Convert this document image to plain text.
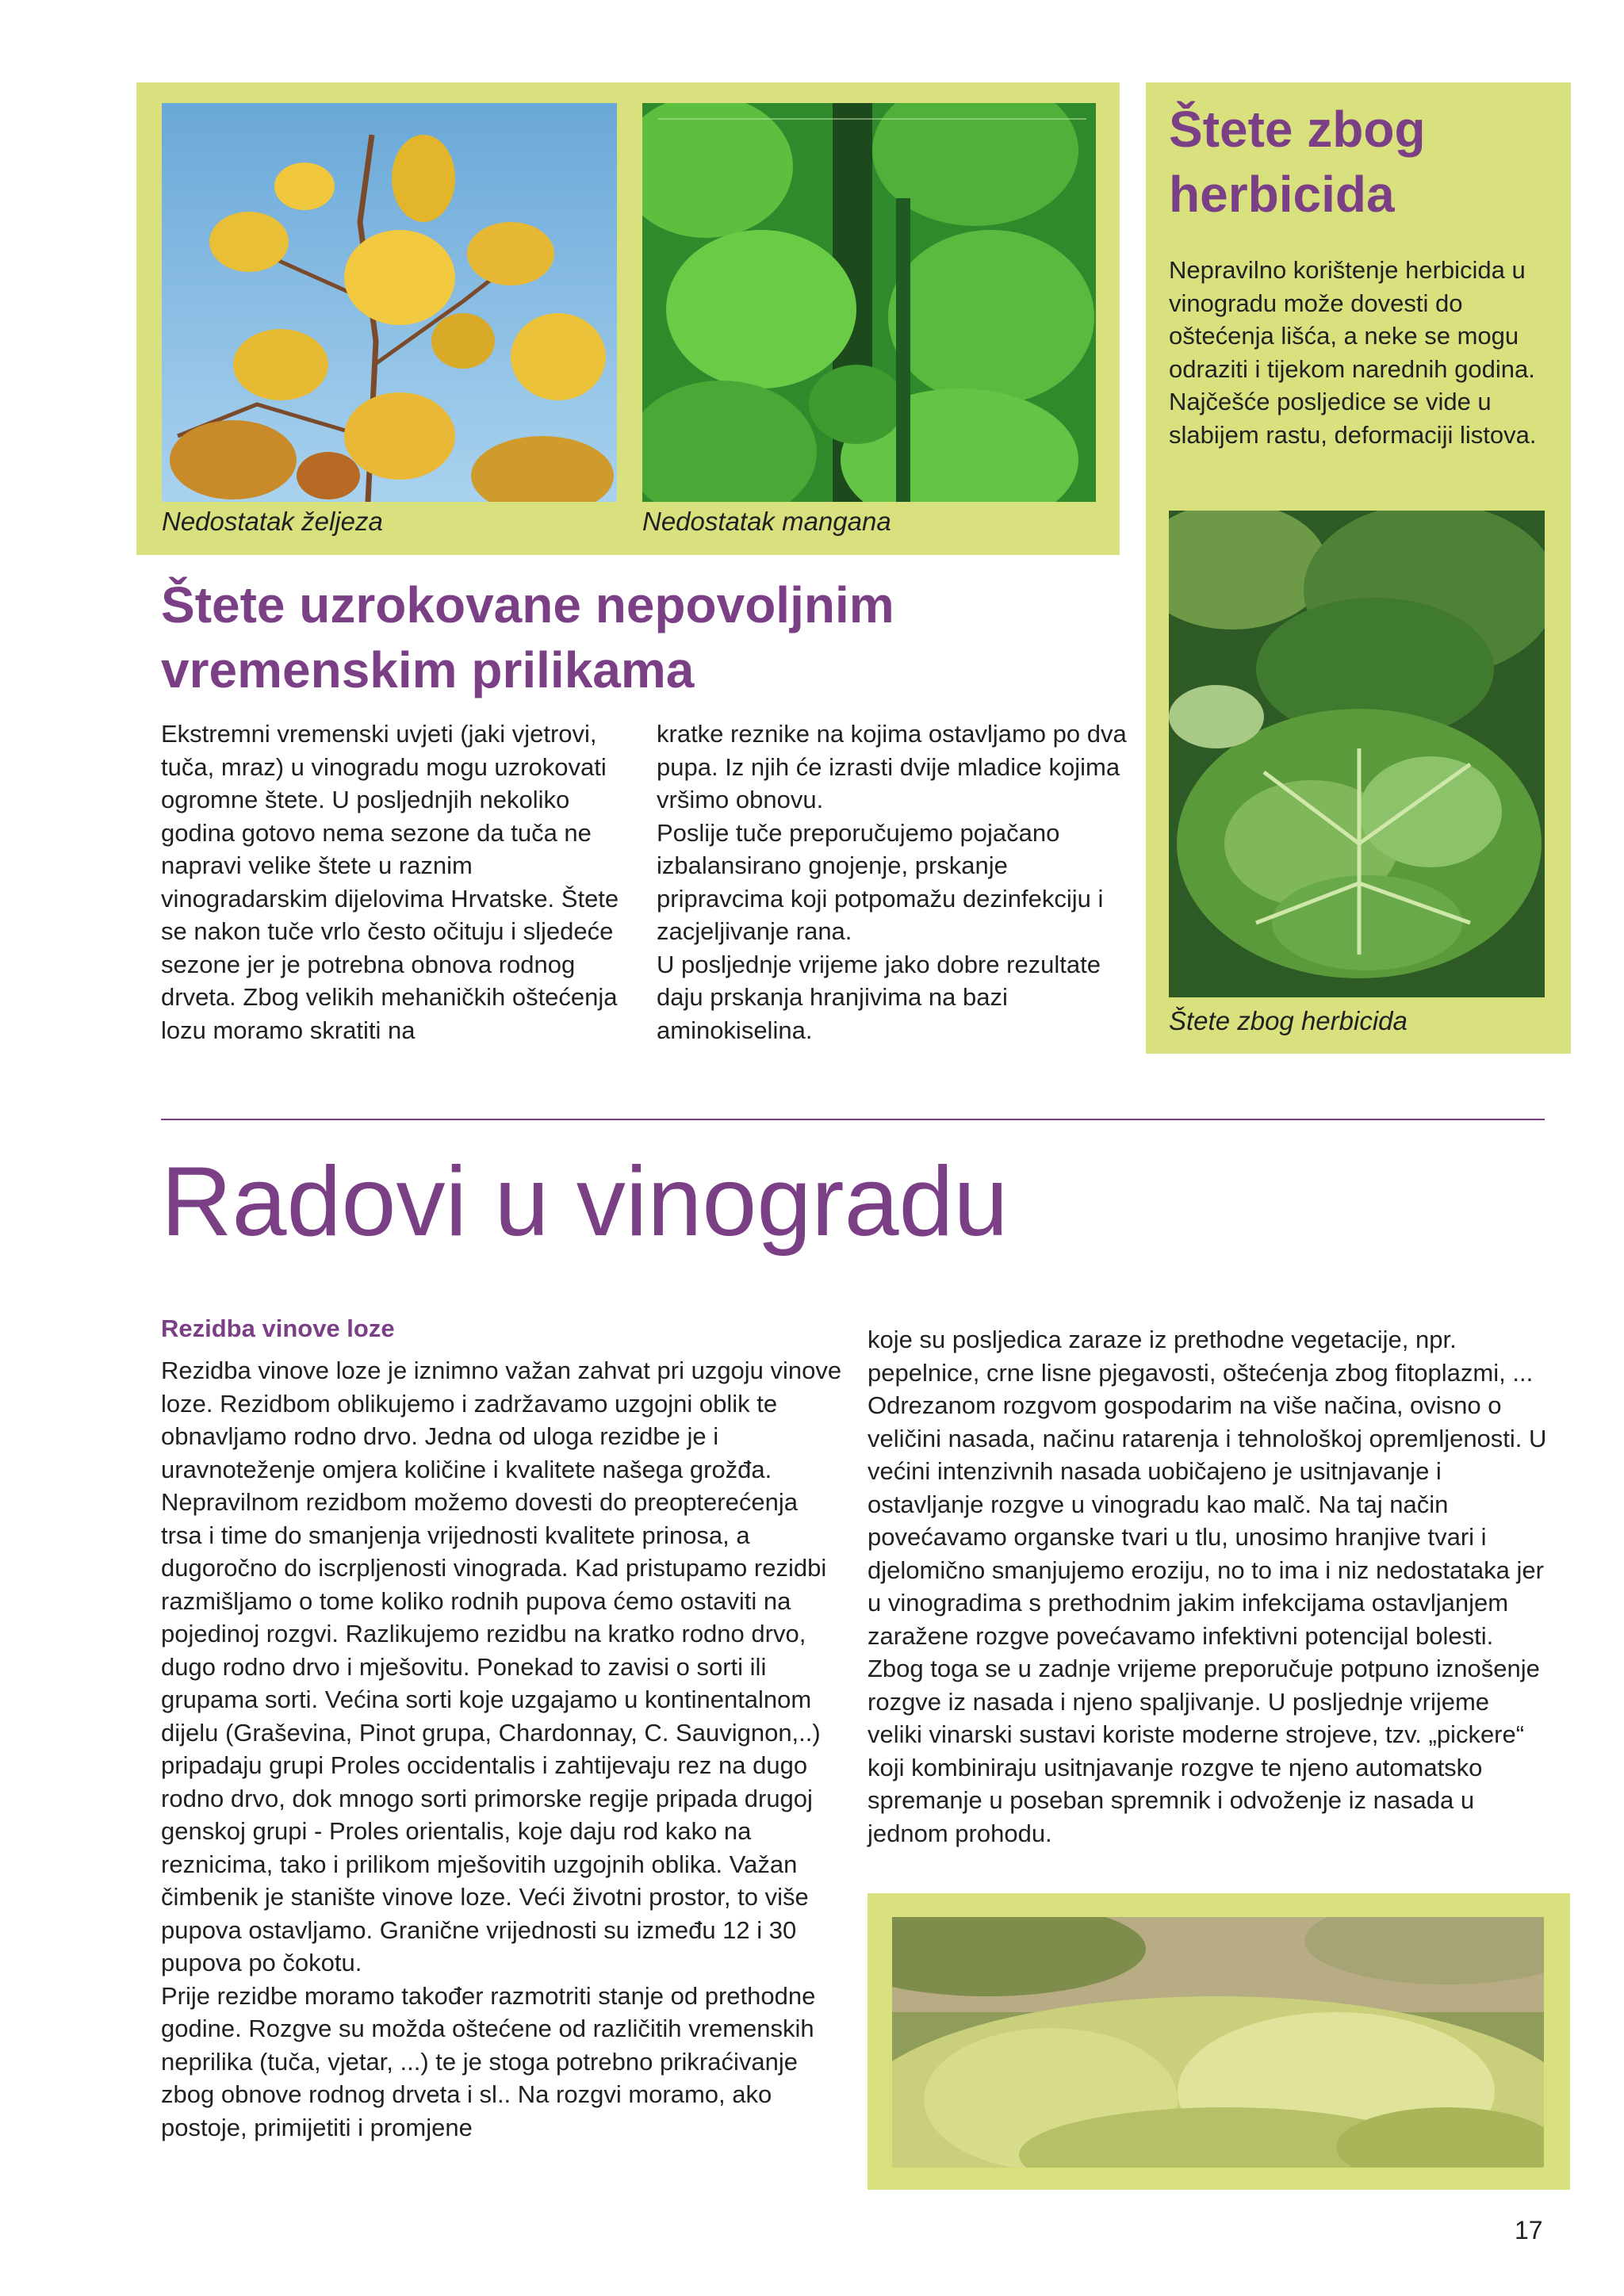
Nedostatak željeza	Nedostatak mangana
Štete zbog
herbicida
Nepravilno korištenje herbicida u vinogradu može dovesti do oštećenja lišća, a neke se mogu odraziti i tijekom narednih godina. Najčešće posljedice se vide u slabijem rastu, deformaciji listova.
Štete zbog herbicida
Štete uzrokovane nepovoljnim
vremenskim prilikama
Ekstremni vremenski uvjeti (jaki vjetrovi, tuča, mraz) u vinogradu mogu uzrokovati ogromne štete. U posljednjih nekoliko godina gotovo nema sezone da tuča ne napravi velike štete u raznim vinogradarskim dijelovima Hrvatske. Štete se nakon tuče vrlo često očituju i sljedeće sezone jer je potrebna obnova rodnog drveta. Zbog velikih mehaničkih oštećenja lozu moramo skratiti na

kratke reznike na kojima ostavljamo po dva pupa. Iz njih će izrasti dvije mladice kojima vršimo obnovu.

Poslije tuče preporučujemo pojačano izbalansirano gnojenje, prskanje pripravcima koji potpomažu dezinfekciju i zacjeljivanje rana.

U posljednje vrijeme jako dobre rezultate daju prskanja hranjivima na bazi aminokiselina.

Radovi u vinogradu
Rezidba vinove loze

Rezidba vinove loze je iznimno važan zahvat pri uzgoju vinove loze. Rezidbom oblikujemo i zadržavamo uzgojni oblik te obnavljamo rodno drvo. Jedna od uloga rezidbe je i uravnoteženje omjera količine i kvalitete našega grožđa. Nepravilnom rezidbom možemo dovesti do preopterećenja trsa i time do smanjenja vrijednosti kvalitete prinosa, a dugoročno do iscrpljenosti vinograda. Kad pristupamo rezidbi razmišljamo o tome koliko rodnih pupova ćemo ostaviti na pojedinoj rozgvi. Razlikujemo rezidbu na kratko rodno drvo, dugo rodno drvo i mješovitu. Ponekad to zavisi o sorti ili grupama sorti. Većina sorti koje uzgajamo u kontinentalnom dijelu (Graševina, Pinot grupa, Chardonnay, C. Sauvignon,..) pripadaju grupi Proles occidentalis i zahtijevaju rez na dugo rodno drvo, dok mnogo sorti primorske regije pripada drugoj genskoj grupi - Proles orientalis, koje daju rod kako na reznicima, tako i prilikom mješovitih uzgojnih oblika. Važan čimbenik je stanište vinove loze. Veći životni prostor, to više pupova ostavljamo. Granične vrijednosti su između 12 i 30 pupova po čokotu.

Prije rezidbe moramo također razmotriti stanje od prethodne godine. Rozgve su možda oštećene od različitih vremenskih neprilika (tuča, vjetar, ...) te je stoga potrebno prikraćivanje zbog obnove rodnog drveta i sl.. Na rozgvi moramo, ako postoje, primijetiti i promjene

koje su posljedica zaraze iz prethodne vegetacije, npr. pepelnice, crne lisne pjegavosti, oštećenja zbog fitoplazmi, ... Odrezanom rozgvom gospodarim na više načina, ovisno o veličini nasada, načinu ratarenja i tehnološkoj opremljenosti. U većini intenzivnih nasada uobičajeno je usitnjavanje i ostavljanje rozgve u vinogradu kao malč. Na taj način povećavamo organske tvari u tlu, unosimo hranjive tvari i djelomično smanjujemo eroziju, no to ima i niz nedostataka jer u vinogradima s prethodnim jakim infekcijama ostavljanjem zaražene rozgve povećavamo infektivni potencijal bolesti. Zbog toga se u zadnje vrijeme preporučuje potpuno iznošenje rozgve iz nasada i njeno spaljivanje. U posljednje vrijeme veliki vinarski sustavi koriste moderne strojeve, tzv. „pickere“ koji kombiniraju usitnjavanje rozgve te njeno automatsko spremanje u poseban spremnik i odvoženje iz nasada u jednom prohodu.
17
